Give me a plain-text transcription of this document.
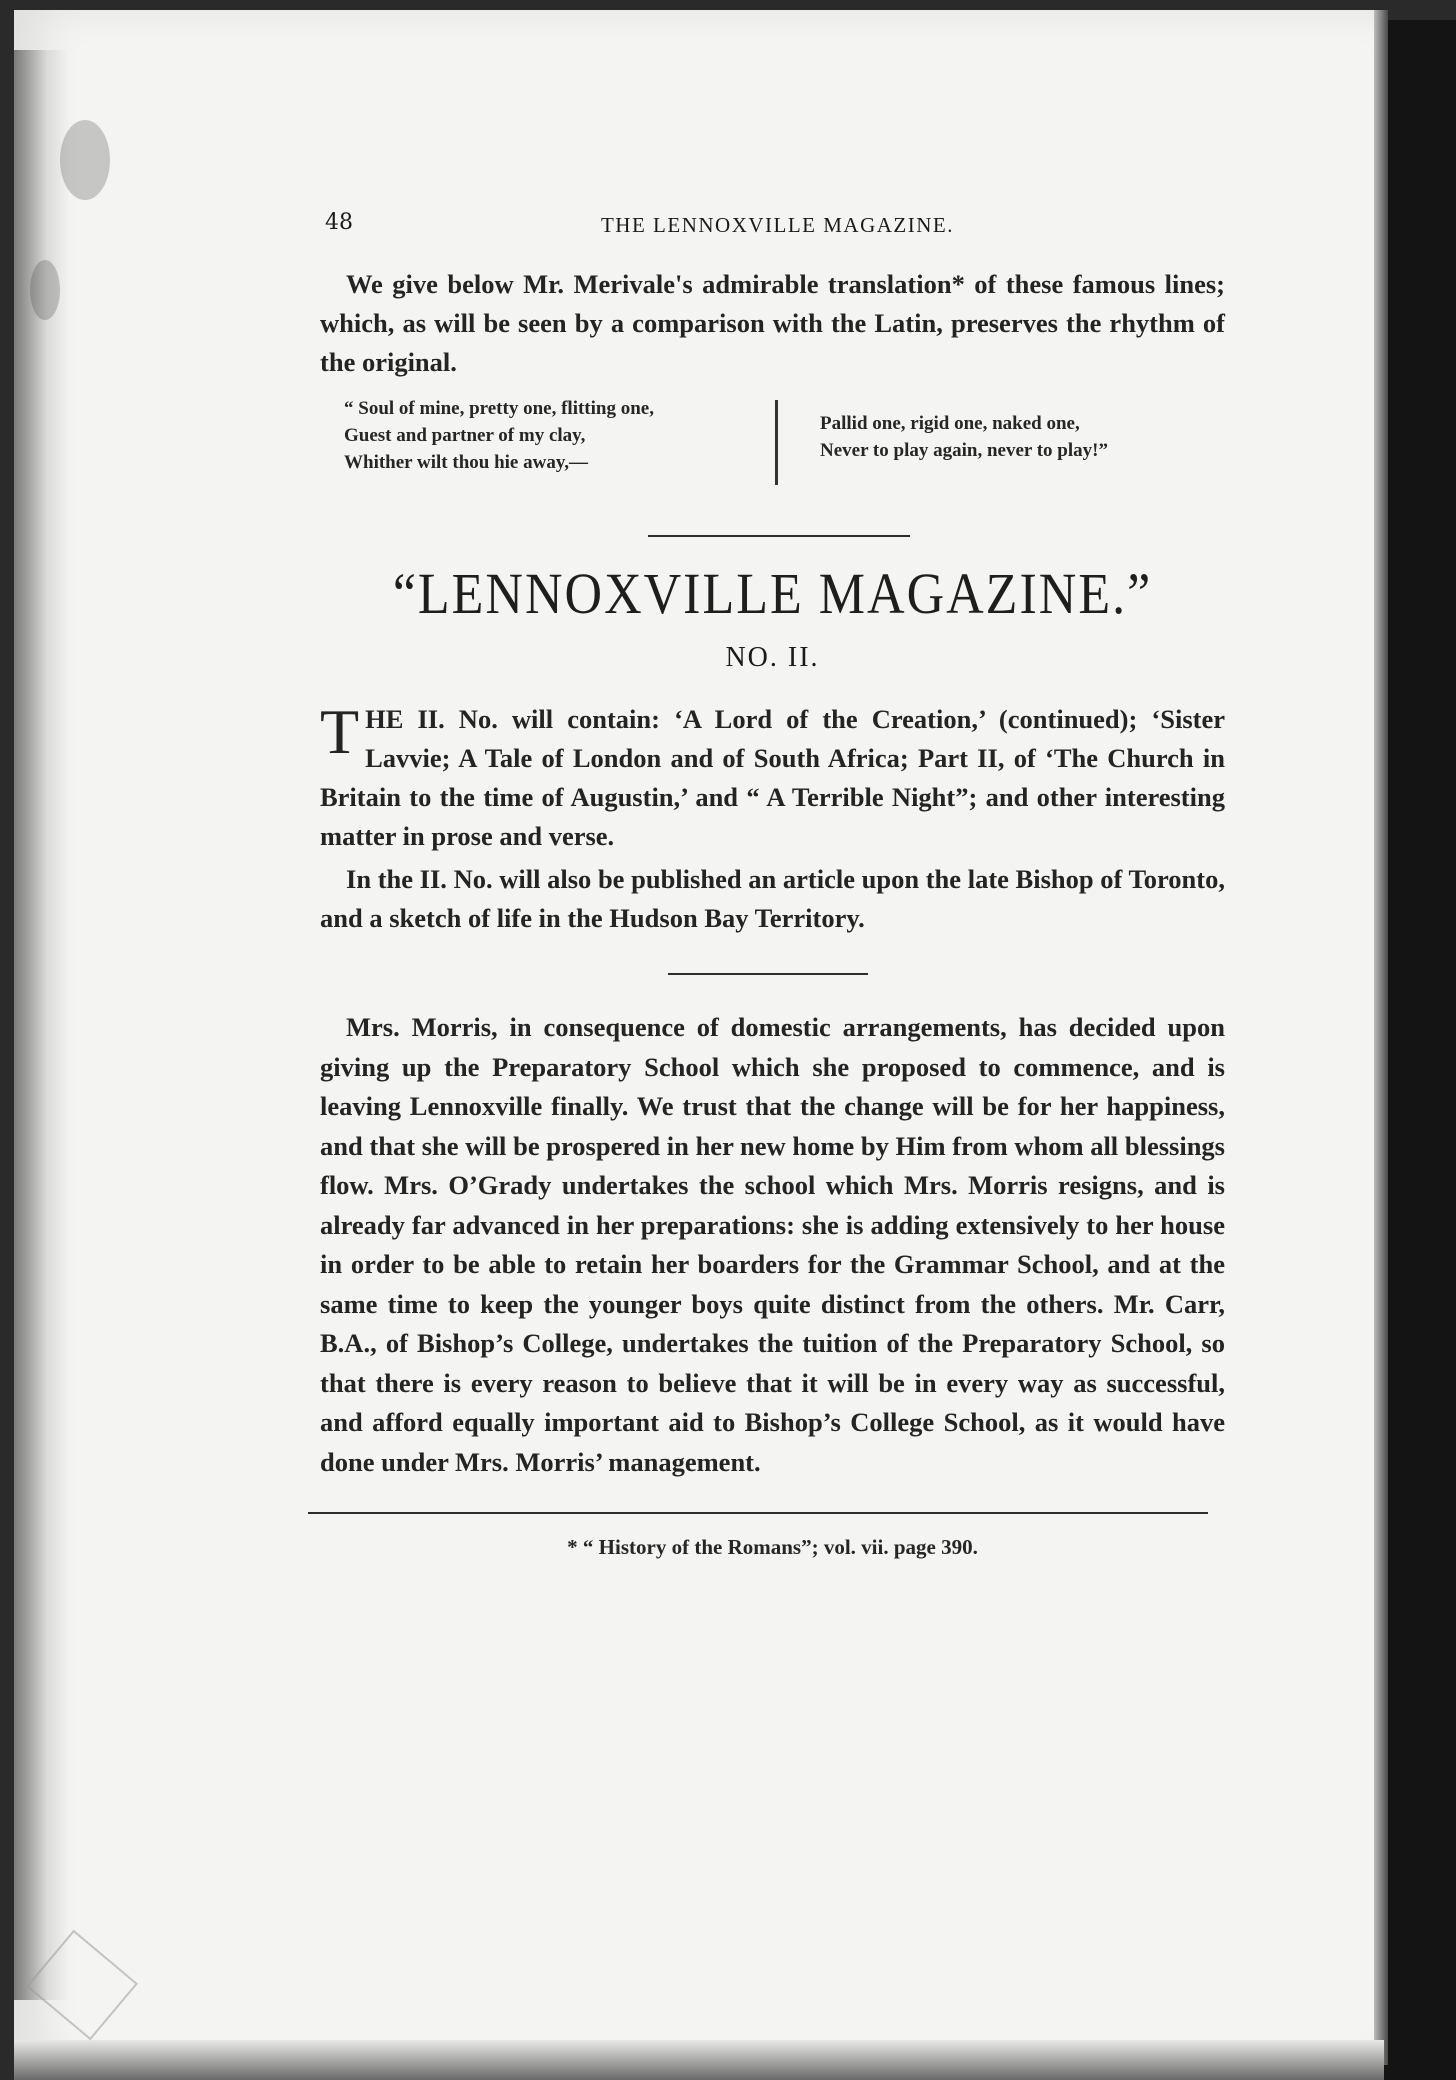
48	THE LENNOXVILLE MAGAZINE.
We give below Mr. Merivale's admirable translation* of these famous lines; which, as will be seen by a comparison with the Latin, preserves the rhythm of the original.
“ Soul of mine, pretty one, flitting one,
Guest and partner of my clay,
Whither wilt thou hie away,—
Pallid one, rigid one, naked one,
Never to play again, never to play!”
“LENNOXVILLE MAGAZINE.”
NO. II.
THE II. No. will contain: ‘A Lord of the Creation,’ (continued); ‘Sister Lavvie; A Tale of London and of South Africa; Part II, of ‘The Church in Britain to the time of Augustin,’ and “ A Terrible Night”; and other interesting matter in prose and verse.
In the II. No. will also be published an article upon the late Bishop of Toronto, and a sketch of life in the Hudson Bay Territory.
Mrs. Morris, in consequence of domestic arrangements, has decided upon giving up the Preparatory School which she proposed to commence, and is leaving Lennoxville finally. We trust that the change will be for her happiness, and that she will be prospered in her new home by Him from whom all blessings flow. Mrs. O’Grady undertakes the school which Mrs. Morris resigns, and is already far advanced in her preparations: she is adding extensively to her house in order to be able to retain her boarders for the Grammar School, and at the same time to keep the younger boys quite distinct from the others. Mr. Carr, B.A., of Bishop’s College, undertakes the tuition of the Preparatory School, so that there is every reason to believe that it will be in every way as successful, and afford equally important aid to Bishop’s College School, as it would have done under Mrs. Morris’ management.
* “ History of the Romans”; vol. vii. page 390.
